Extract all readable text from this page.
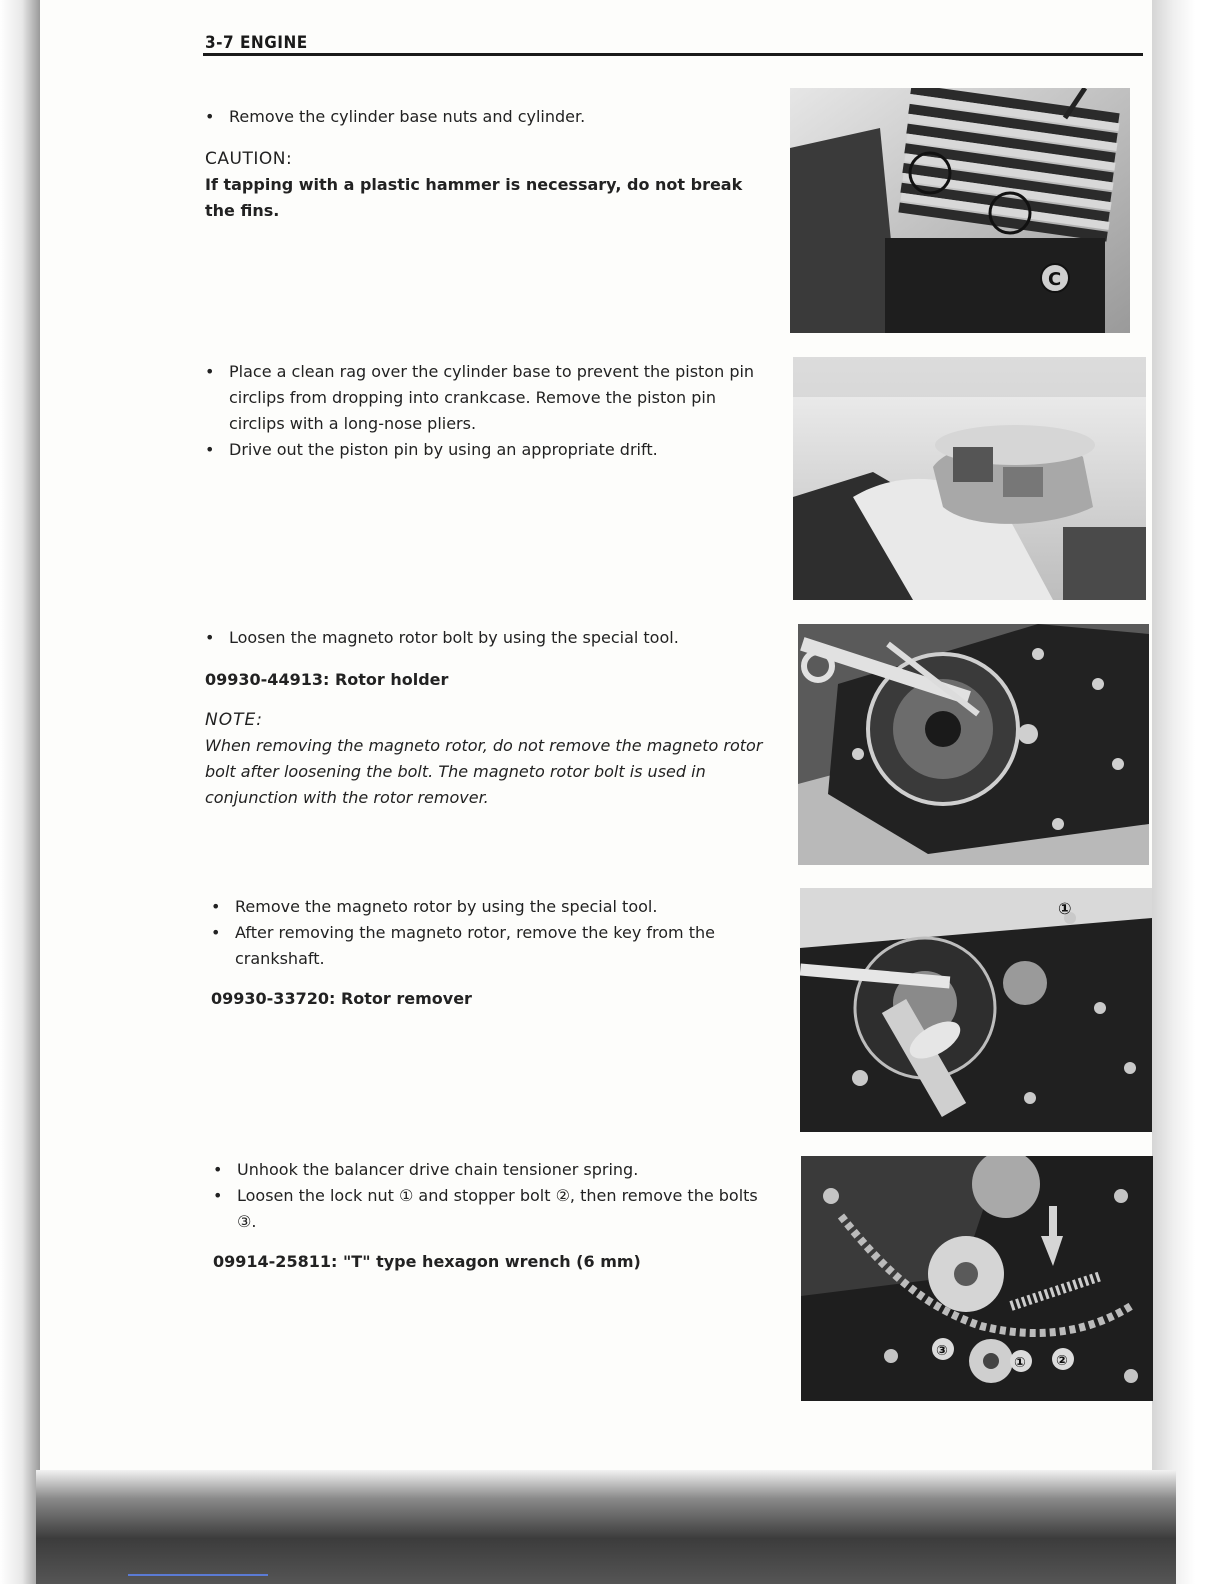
3-7 ENGINE
• Remove the cylinder base nuts and cylinder.
CAUTION:
If tapping with a plastic hammer is necessary, do not break the fins.
• Place a clean rag over the cylinder base to prevent the piston pin circlips from dropping into crankcase. Remove the piston pin circlips with a long-nose pliers.
• Drive out the piston pin by using an appropriate drift.
• Loosen the magneto rotor bolt by using the special tool.
09930-44913: Rotor holder
NOTE:
When removing the magneto rotor, do not remove the magneto rotor bolt after loosening the bolt. The magneto rotor bolt is used in conjunction with the rotor remover.
• Remove the magneto rotor by using the special tool.
• After removing the magneto rotor, remove the key from the crankshaft.
09930-33720: Rotor remover
• Unhook the balancer drive chain tensioner spring.
• Loosen the lock nut ① and stopper bolt ②, then remove the bolts ③.
09914-25811: "T" type hexagon wrench (6 mm)
C
①
③
① ②
